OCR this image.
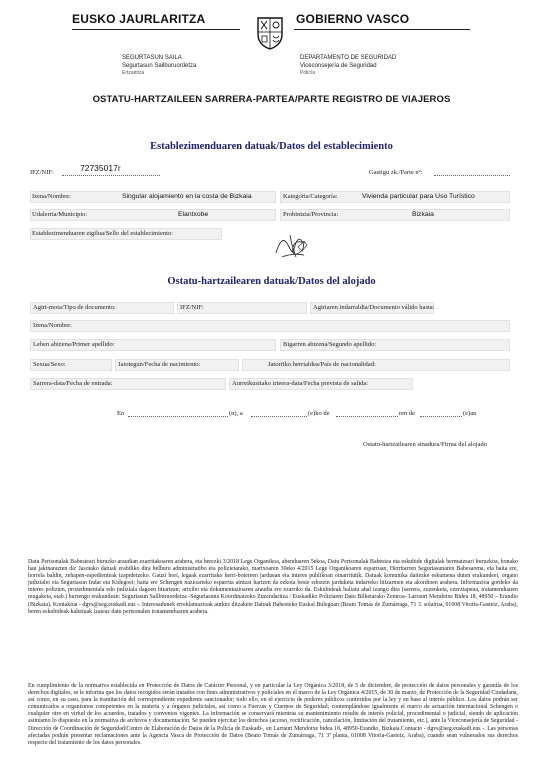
EUSKO JAURLARITZA	GOBIERNO VASCO
SEGURTASUN SAILA
Segurtasun Sailburuordetza
Ertzaintza
DEPARTAMENTO DE SEGURIDAD
Viceconsejería de Seguridad
Policía
OSTATU-HARTZAILEEN SARRERA-PARTEA/PARTE REGISTRO DE VIAJEROS
Establezimenduaren datuak/Datos del establecimiento
IFZ/NIF:	72735017r	Gastigu zk./Parte nº:
Izena/Nombre:	Singular alojamiento en la costa de Bizkaia	Kategoria/Categoría:	Vivienda particular para Uso Turístico
Udalerria/Municipio:	Elantxobe	Probintzia/Provincia:	Bizkaia
Establezimenduaren zigilua/Sello del establecimiento:
Ostatu-hartzailearen datuak/Datos del alojado
Agiri-mota/Tipo de documento:	IFZ/NIF:	Agiriaren indarraldia/Documento válido hasta:
Izena/Nombre:
Lehen abizena/Primer apellido:	Bigarren abizena/Segundo apellido:
Sexua/Sexo:	Jaiotegun/Fecha de nacimiento:	Jatorriko herrialdea/País de nacionalidad:
Sarrera-data/Fecha de entrada:	Aurreikusitako irteera-data/Fecha prevista de salida:
En	(n), a	(e)ko de	ren de	(e)an
Ostatu-hartzailearen sinadura/Firma del alojado
Datu Pertsonalak Babesteari buruzko araudian ezarritakoaren arabera, eta berezki 3/2018 Lege Organikoa, abenduaren 5ekoa, Datu Pertsonalak Babestea eta eskubide digitalak bermatzeari buruzkoa, honako hau jakinarazten da: Jasotako datuak erabiliko dira helburu administratibo eta polizietarako, martxoaren 30eko 4/2015 Lege Organikoaren esparruan, Herritarren Segurtasunaren Babesarena, eta baita ere, horrela baldin, zehapen-espedienteak izapidetzeko. Gauzi horí, legaak ezarritako herri-botereen jarduean eta interes publikoan oinarritutik. Datuak komunika daitezke eskumena duten erakundeei, organo judizialei eta Segurtasun Indar eta Kidegoei; baita ere Schengen nazioarteko esparrua aintzat hartzen da ezkota beste edozein jarduketa indarreko hitzarmen eta akordioen arabera. Informazioa gordeko da interes polizien, prozedimentala edo judiziala dagoen bitartean; artxibo eta dokumentazioaren araudia ere ezarriko da. Eskubideak baliatu ahal izango dira (sarrera, zuzenketa, ezerztapena, tratamenduaren mugaketa, etab.) hurrengo erakundean: Segurtasun Sailburuordetza -Segurtasuna Koordinatzeko Zuzendaritza / Euskadiko Poliziaren Datu Bilketarako Zentroa- Larrauri Mendotxe Bidea 18, 48950 – Erandio (Bizkaia). Kontaktua - dgvs@seg.euskadi.eus -. Interesadunek erreklamazioak aurkez ditzakete Datuak Babesteko Euskal Bulegoan (Beato Tomás de Zumárraga, 71 3. solairua, 01008 Vitoria-Gasteiz, Araba), beren eskubideak kaltetuak izateaz datu pertsonalen tratamenduaren arabera.
En cumplimiento de la normativa establecida en Protección de Datos de Carácter Personal, y en particular la Ley Orgánica 3/2018, de 5 de diciembre, de protección de datos personales y garantía de los derechos digitales, se le informa que los datos recogidos serán tratados con fines administrativos y policiales en el marco de la Ley Orgánica 4/2015, de 30 de marzo, de Protección de la Seguridad Ciudadana, así como, en su caso, para la tramitación del correspondiente expediente sancionador; todo ello, en el ejercicio de poderes públicos conferidos por la ley y en base al interés público. Los datos podrán ser comunicados a organismos competentes en la materia y a órganos judiciales, así como a Fuerzas y Cuerpos de Seguridad; contemplándose igualmente el marco de actuación internacional Schengen o cualquier otro en virtud de los acuerdos, tratados y convenios vigentes. La información se conservará mientras su mantenimiento resulte de interés policial, procedimental o judicial, siendo de aplicación asimismo lo dispuesto en la normativa de archivos y documentación. Se pueden ejercitar los derechos (acceso, rectificación, cancelación, limitación del tratamiento, etc.), ante la Viceconsejería de Seguridad -Dirección de Coordinación de Seguridad/Centro de Elaboración de Datos de la Policía de Euskadi-, en Larrauri Mendotxe bidea 18, 48950-Erandio, Bizkaia.Contacto - dgvs@seg.euskadi.eus -. Las personas afectadas podrán presentar reclamaciones ante la Agencia Vasca de Protección de Datos (Beato Tomás de Zumárraga, 71 3ª planta, 01008 Vitoria-Gasteiz, Araba), cuando sean vulnerados sus derechos respecto del tratamiento de los datos personales.
